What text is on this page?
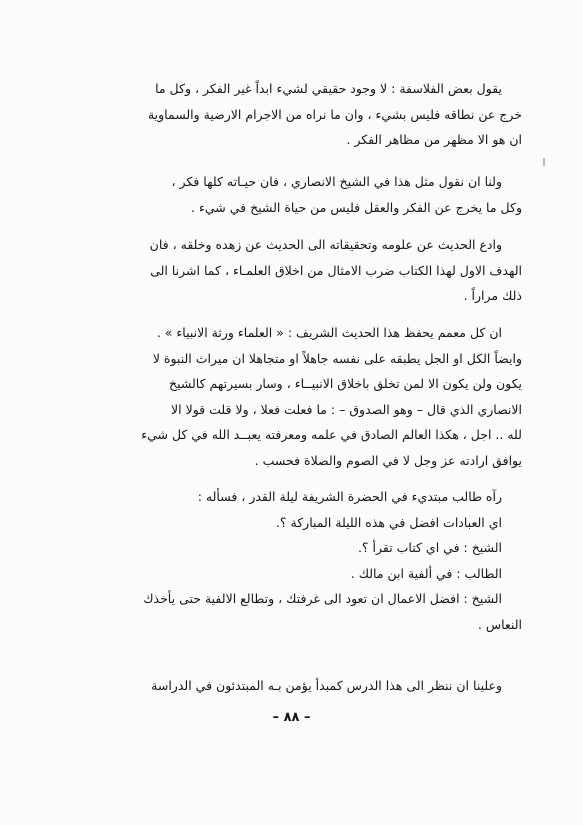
يقول بعض الفلاسفة : لا وجود حقيقي لشيء ابداً غير الفكر ، وكل ما
خرج عن نطاقه فليس بشيء ، وان ما نراه من الاجرام الارضية والسماوية
ان هو الا مظهر من مظاهر الفكر .
ولنا ان نقول مثل هذا في الشيخ الانصاري ، فان حيـاته كلها فكر ،
وكل ما يخرج عن الفكر والعقل فليس من حياة الشيخ في شيء .
وادع الحديث عن علومه وتحقيقاته الى الحديث عن زهده وخلقه ، فان
الهدف الاول لهذا الكتاب ضرب الامثال من اخلاق العلمـاء ، كما اشرنا الى
ذلك مراراً .
ان كل معمم يحفظ هذا الحديث الشريف : « العلماء ورثة الانبياء » .
وايضاً الكل او الجل يطبقه على نفسه جاهلاً او متجاهلا ان ميراث النبوة لا
يكون ولن يكون الا لمن تخلق باخلاق الانبيــاء ، وسار بسيرتهم كالشيخ
الانصاري الذي قال – وهو الصدوق – : ما فعلت فعلا ، ولا قلت قولا الا
لله .. اجل ، هكذا العالم الصادق في علمه ومعرفته يعبــد الله في كل شيء
يوافق ارادته عز وجل لا في الصوم والصلاة فحسب .
رآه طالب مبتديء في الحضرة الشريفة ليلة القدر ، فسأله :
اي العبادات افضل في هذه الليلة المباركة ؟.
الشيخ : في اي كتاب تقرأ ؟.
الطالب : في ألفية ابن مالك .
الشيخ : افضل الاعمال ان تعود الى غرفتك ، وتطالع الالفية حتى يأخذك
النعاس .
وعلينا ان ننظر الى هذا الدرس كمبدأ يؤمن بـه المبتدئون في الدراسة
– ٨٨ –
